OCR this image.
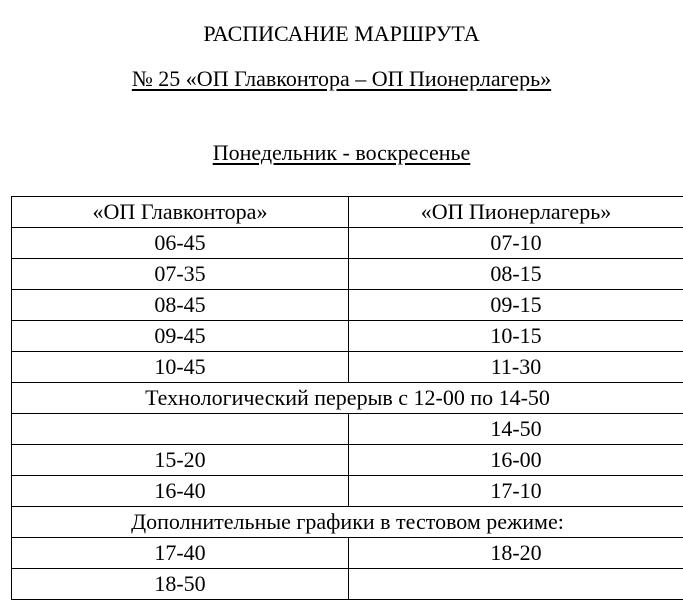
РАСПИСАНИЕ МАРШРУТА
№ 25 «ОП Главконтора – ОП Пионерлагерь»
Понедельник - воскресенье
«ОП Главконтора»	«ОП Пионерлагерь»
06-45	07-10
07-35	08-15
08-45	09-15
09-45	10-15
10-45	11-30
Технологический перерыв с 12-00 по 14-50	
	14-50
15-20	16-00
16-40	17-10
Дополнительные графики в тестовом режиме:	
17-40	18-20
18-50	
